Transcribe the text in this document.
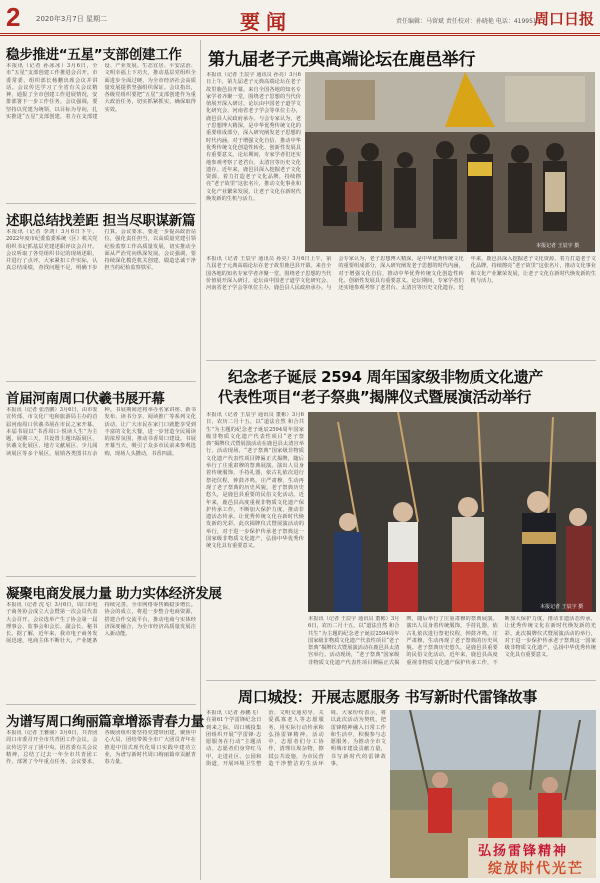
2 2020年3月7日 星期二	要闻	责任编辑：马留斌 责任校对：孙晓艳 电话：4199513
周口日报
稳步推进“五星”支部创建工作
本报讯（记者 孙冰冰）3月6日，全市“五星”支部创建工作推进会召开。市委常委、组织部长杨鹏出席会议并讲话。会议传达学习了全省有关会议精神，通报了全市创建工作进展情况，安排部署下一步工作任务。会议强调，要坚持以党建为统领，以目标为导向，扎实推进“五星”支部创建，着力在支部建设、产业发展、生态宜居、平安法治、文明幸福上下功夫，推动基层党组织全面进步全面过硬，为全市经济社会高质量发展提供坚强组织保证。会议指出，各级党组织要把“五星”支部创建作为重大政治任务，切实抓紧抓实，确保取得实效。
述职总结找差距 担当尽职谋新篇
本报讯（记者 李鸿）3月6日下午，2022年度市纪委监委系统（区）机关党组织书记抓基层党建述职评议会召开。会议听取了各党组织书记的现场述职，并进行了点评。大家紧扣工作实际，认真总结成绩，查找问题不足，明确下步打算。会议要求，要进一步提高政治站位，强化责任担当，以高质量党建引领纪检监察工作高质量发展，切实推动全面从严治党向纵深发展。会议强调，要持续深化模范机关创建，锻造忠诚干净担当的纪检监察铁军。
首届河南周口伏羲书展开幕
本报讯（记者 张浩鹏）3月6日，由市委宣传部、市文化广电和旅游局主办的首届河南周口伏羲书展在市民之家开幕。本届书展以“书香周口·悦读人生”为主题，展期三天，共设置主题出版展区、伏羲文化展区、地方文献展区、少儿阅读展区等多个展区，展销各类图书万余种。书展期间还将举办名家讲座、新书发布、读书分享、阅读推广等系列文化活动，让广大市民在家门口就能享受到丰富的文化大餐，进一步营造全民阅读的浓厚氛围，推动书香周口建设。书展开幕当天，吸引了众多市民前来参观选购，现场人头攒动，书香四溢。
凝聚电商发展力量 助力实体经济发展
本报讯（记者 沈飞）3月6日，周口市电子商务协会成立大会暨第一次会员代表大会召开。会议选举产生了协会第一届理事会、监事会和会长、副会长、秘书长。据了解，近年来，我市电子商务发展迅速，电商主体不断壮大，产业链条持续完善，全市网络零售额稳步增长。协会的成立，将进一步整合电商资源，搭建合作交流平台，推动电商与实体经济深度融合，为全市经济高质量发展注入新动能。
为谱写周口绚丽篇章增添青春力量
本报讯（记者 王雅丽）3月6日，共青团周口市委召开全市共青团工作会议。会议传达学习了团中央、团省委有关会议精神，总结了过去一年全市共青团工作，部署了今年重点任务。会议要求，各级团组织要坚持党建带团建，聚焦中心大局，团结带领全市广大团员青年在推进中国式现代化周口实践中建功立业，为谱写新时代周口绚丽篇章贡献青春力量。
第九届老子元典高端论坛在鹿邑举行
本报讯（记者 王辰宇 通讯员 孙亮）3月6日上午，第九届老子元典高端论坛在老子故里鹿邑县开幕。来自全国各地的知名专家学者齐聚一堂，围绕老子思想的当代价值展开深入研讨。论坛由中国老子道学文化研究会、河南省老子学会等单位主办，鹿邑县人民政府承办。与会专家认为，老子思想博大精深，是中华优秀传统文化的重要组成部分，深入研究阐发老子思想的时代内涵，对于增强文化自信、推动中华优秀传统文化创造性转化、创新性发展具有重要意义。论坛期间，专家学者们还实地参观考察了老君台、太清宫等历史文化遗存。近年来，鹿邑县深入挖掘老子文化资源，着力打造老子文化品牌，持续擦亮“老子故里”这张名片，推动文化事业和文化产业繁荣发展，让老子文化在新时代焕发新的生机与活力。
本报记者 王辰宇 摄
本报讯（记者 王辰宇 通讯员 孙亮）3月6日上午，第九届老子元典高端论坛在老子故里鹿邑县开幕。来自全国各地的知名专家学者齐聚一堂，围绕老子思想的当代价值展开深入研讨。论坛由中国老子道学文化研究会、河南省老子学会等单位主办，鹿邑县人民政府承办。与会专家认为，老子思想博大精深，是中华优秀传统文化的重要组成部分，深入研究阐发老子思想的时代内涵，对于增强文化自信、推动中华优秀传统文化创造性转化、创新性发展具有重要意义。论坛期间，专家学者们还实地参观考察了老君台、太清宫等历史文化遗存。近年来，鹿邑县深入挖掘老子文化资源，着力打造老子文化品牌，持续擦亮“老子故里”这张名片，推动文化事业和文化产业繁荣发展，让老子文化在新时代焕发新的生机与活力。
纪念老子诞辰 2594 周年国家级非物质文化遗产
代表性项目“老子祭典”揭牌仪式暨展演活动举行
本报讯（记者 王辰宇 通讯员 董彬）3月6日，农历二月十五，以“道法自然 和合共生”为主题的纪念老子诞辰2594周年国家级非物质文化遗产代表性项目“老子祭典”揭牌仪式暨展演活动在鹿邑县太清宫举行。活动现场，“老子祭典”国家级非物质文化遗产代表性项目牌匾正式揭牌，随后举行了庄重肃穆的祭典展演。演出人员身着传统服饰，手持礼器，依古礼依次进行祭祀仪程，钟鼓齐鸣，庄严肃穆，生动再现了老子祭典的历史风貌。老子祭典历史悠久，是鹿邑县重要的民俗文化活动。近年来，鹿邑县高度重视非物质文化遗产保护传承工作，不断加大保护力度，推动非遗活态传承，让优秀传统文化在新时代焕发新的光彩。此次揭牌仪式暨展演活动的举行，对于进一步保护传承老子祭典这一国家级非物质文化遗产，弘扬中华优秀传统文化具有重要意义。
本报记者 王辰宇 摄
本报讯（记者 王辰宇 通讯员 董彬）3月6日，农历二月十五，以“道法自然 和合共生”为主题的纪念老子诞辰2594周年国家级非物质文化遗产代表性项目“老子祭典”揭牌仪式暨展演活动在鹿邑县太清宫举行。活动现场，“老子祭典”国家级非物质文化遗产代表性项目牌匾正式揭牌，随后举行了庄重肃穆的祭典展演。演出人员身着传统服饰，手持礼器，依古礼依次进行祭祀仪程，钟鼓齐鸣，庄严肃穆，生动再现了老子祭典的历史风貌。老子祭典历史悠久，是鹿邑县重要的民俗文化活动。近年来，鹿邑县高度重视非物质文化遗产保护传承工作，不断加大保护力度，推动非遗活态传承，让优秀传统文化在新时代焕发新的光彩。此次揭牌仪式暨展演活动的举行，对于进一步保护传承老子祭典这一国家级非物质文化遗产，弘扬中华优秀传统文化具有重要意义。
周口城投：开展志愿服务 书写新时代雷锋故事
本报讯（记者 孙鹏飞）在第61个学雷锋纪念日到来之际，周口城投集团组织开展“学雷锋·志愿服务在行动”主题活动。志愿者们身穿红马甲，走进社区、公园和街道，开展环境卫生整治、文明交通劝导、关爱孤寡老人等志愿服务，用实际行动传承和弘扬雷锋精神。活动中，志愿者们分工协作，清理垃圾杂物，擦拭公共设施，为市民营造干净整洁的生活环境。大家纷纷表示，将以此次活动为契机，把雷锋精神融入日常工作和生活中，积极参与志愿服务，为推动全市文明城市建设贡献力量，书写新时代的雷锋故事。
弘扬雷锋精神
绽放时代光芒
